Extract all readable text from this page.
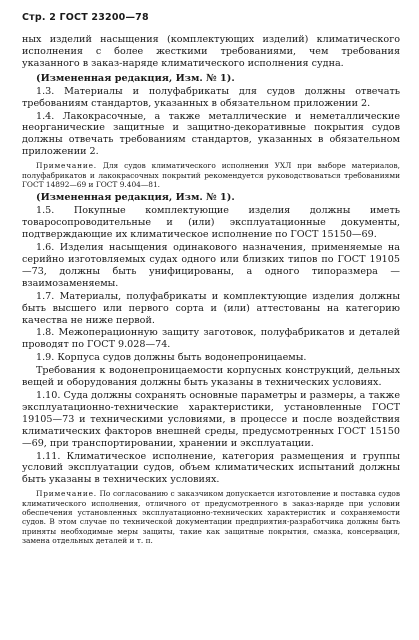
Стр. 2 ГОСТ 23200—78

ных изделий насыщения (комплектующих изделий) климатического исполнения с более жесткими требованиями, чем требования указанного в заказ-наряде климатического исполнения судна.

(Измененная редакция, Изм. № 1).

1.3. Материалы и полуфабрикаты для судов должны отвечать требованиям стандартов, указанных в обязательном приложении 2.

1.4. Лакокрасочные, а также металлические и неметаллические неорганические защитные и защитно-декоративные покрытия судов должны отвечать требованиям стандартов, указанных в обязательном приложении 2.

Примечание. Для судов климатического исполнения УХЛ при выборе материалов, полуфабрикатов и лакокрасочных покрытий рекомендуется руководствоваться требованиями ГОСТ 14892—69 и ГОСТ 9.404—81.

(Измененная редакция, Изм. № 1).

1.5. Покупные комплектующие изделия должны иметь товаросопроводительные и (или) эксплуатационные документы, подтверждающие их климатическое исполнение по ГОСТ 15150—69.

1.6. Изделия насыщения одинакового назначения, применяемые на серийно изготовляемых судах одного или близких типов по ГОСТ 19105—73, должны быть унифицированы, а одного типоразмера — взаимозаменяемы.

1.7. Материалы, полуфабрикаты и комплектующие изделия должны быть высшего или первого сорта и (или) аттестованы на категорию качества не ниже первой.

1.8. Межоперационную защиту заготовок, полуфабрикатов и деталей проводят по ГОСТ 9.028—74.

1.9. Корпуса судов должны быть водонепроницаемы.

Требования к водонепроницаемости корпусных конструкций, дельных вещей и оборудования должны быть указаны в технических условиях.

1.10. Суда должны сохранять основные параметры и размеры, а также эксплуатационно-технические характеристики, установленные ГОСТ 19105—73 и техническими условиями, в процессе и после воздействия климатических факторов внешней среды, предусмотренных ГОСТ 15150—69, при транспортировании, хранении и эксплуатации.

1.11. Климатическое исполнение, категория размещения и группы условий эксплуатации судов, объем климатических испытаний должны быть указаны в технических условиях.

Примечание. По согласованию с заказчиком допускается изготовление и поставка судов климатического исполнения, отличного от предусмотренного в заказ-наряде при условии обеспечения установленных эксплуатационно-технических характеристик и сохраняемости судов. В этом случае по технической документации предприятия-разработчика должны быть приняты необходимые меры защиты, такие как защитные покрытия, смазка, консервация, замена отдельных деталей и т. п.
